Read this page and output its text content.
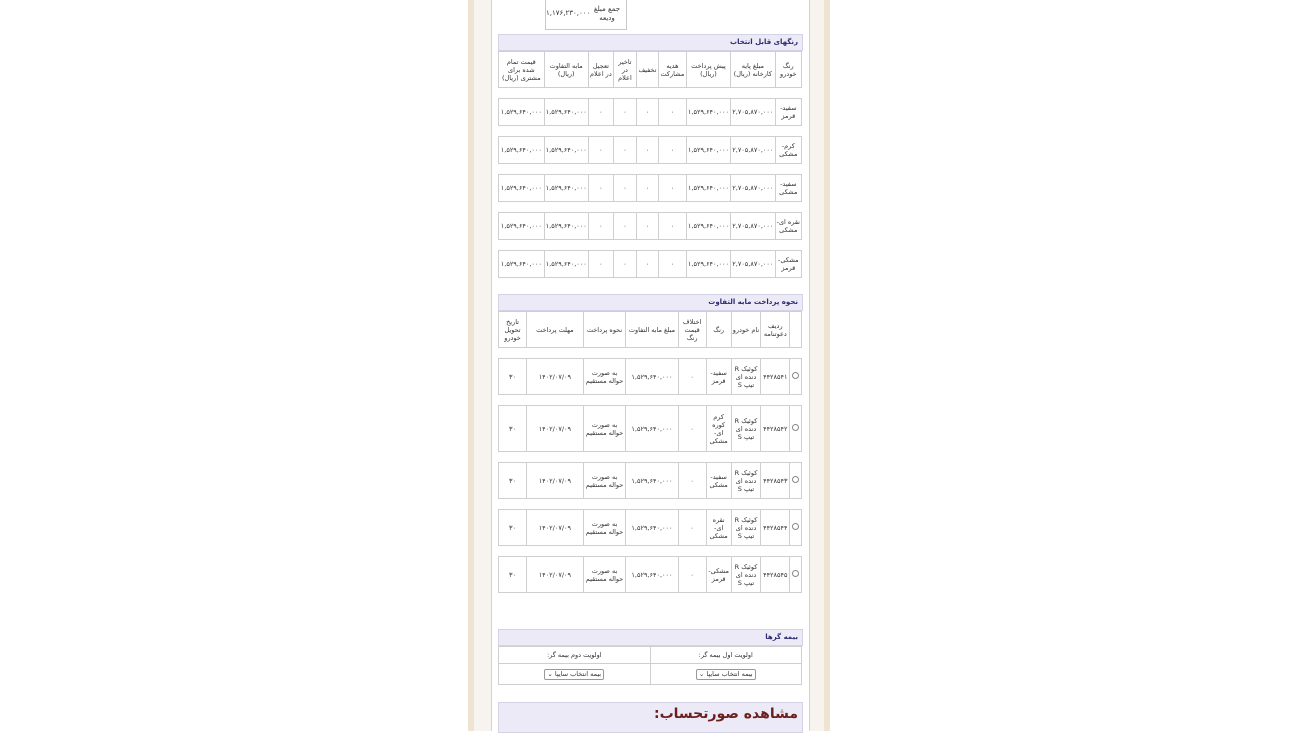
۱,۱۷۶,۲۳۰,۰۰۰ جمع مبلغ ودیعه
رنگهای قابل انتخاب
رنگ خودرو	مبلغ پایه کارخانه (ریال)	پیش پرداخت (ریال)	هدیه مشارکت	تخفیف	تاخیر در اعلام	تعجیل در اعلام	مابه التفاوت (ریال)	قیمت تمام شده برای مشتری (ریال)

سفید-قرمز	۲,۷۰۵,۸۷۰,۰۰۰	۱,۵۲۹,۶۴۰,۰۰۰	۰	۰	۰	۰	۱,۵۲۹,۶۴۰,۰۰۰	۱,۵۲۹,۶۴۰,۰۰۰

کرم-مشکی	۲,۷۰۵,۸۷۰,۰۰۰	۱,۵۲۹,۶۴۰,۰۰۰	۰	۰	۰	۰	۱,۵۲۹,۶۴۰,۰۰۰	۱,۵۲۹,۶۴۰,۰۰۰

سفید-مشکی	۲,۷۰۵,۸۷۰,۰۰۰	۱,۵۲۹,۶۴۰,۰۰۰	۰	۰	۰	۰	۱,۵۲۹,۶۴۰,۰۰۰	۱,۵۲۹,۶۴۰,۰۰۰

نقره ای-مشکی	۲,۷۰۵,۸۷۰,۰۰۰	۱,۵۲۹,۶۴۰,۰۰۰	۰	۰	۰	۰	۱,۵۲۹,۶۴۰,۰۰۰	۱,۵۲۹,۶۴۰,۰۰۰

مشکی-قرمز	۲,۷۰۵,۸۷۰,۰۰۰	۱,۵۲۹,۶۴۰,۰۰۰	۰	۰	۰	۰	۱,۵۲۹,۶۴۰,۰۰۰	۱,۵۲۹,۶۴۰,۰۰۰
نحوه پرداخت مابه التفاوت
	ردیف دعوتنامه	نام خودرو	رنگ	اختلاف قیمت رنگ	مبلغ مابه التفاوت	نحوه پرداخت	مهلت پرداخت	تاریخ تحویل خودرو

	۴۴۲۸۵۴۱	کوئیک R دنده ای تیپ S	سفید-قرمز	۰	۱,۵۲۹,۶۴۰,۰۰۰	به صورت حواله مستقیم	۱۴۰۲/۰۷/۰۹	۳۰

	۴۴۲۸۵۴۲	کوئیک R دنده ای تیپ S	کرم کوره ای-مشکی	۰	۱,۵۲۹,۶۴۰,۰۰۰	به صورت حواله مستقیم	۱۴۰۲/۰۷/۰۹	۳۰

	۴۴۲۸۵۴۳	کوئیک R دنده ای تیپ S	سفید-مشکی	۰	۱,۵۲۹,۶۴۰,۰۰۰	به صورت حواله مستقیم	۱۴۰۲/۰۷/۰۹	۳۰

	۴۴۲۸۵۴۴	کوئیک R دنده ای تیپ S	نقره ای-مشکی	۰	۱,۵۲۹,۶۴۰,۰۰۰	به صورت حواله مستقیم	۱۴۰۲/۰۷/۰۹	۳۰

	۴۴۲۸۵۴۵	کوئیک R دنده ای تیپ S	مشکی-قرمز	۰	۱,۵۲۹,۶۴۰,۰۰۰	به صورت حواله مستقیم	۱۴۰۲/۰۷/۰۹	۳۰
بیمه گرها
اولویت اول بیمه گر:	اولویت دوم بیمه گر:
بیمه انتخاب سایپا ⌄	بیمه انتخاب سایپا ⌄
مشاهده صورتحساب:
